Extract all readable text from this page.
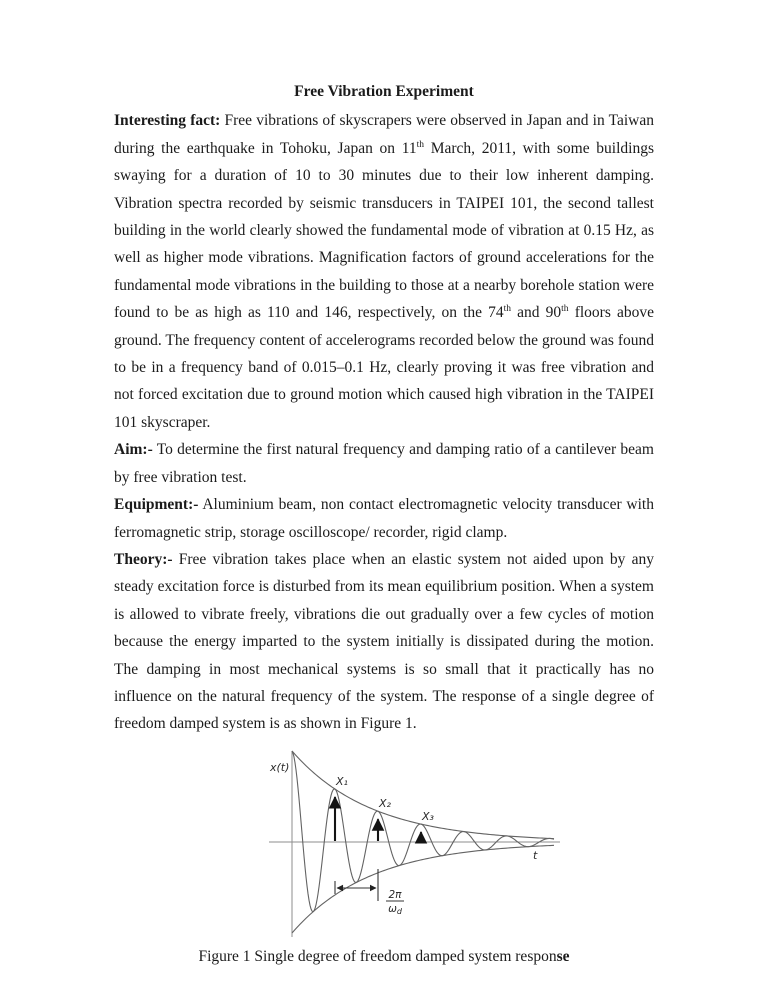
Free Vibration Experiment

Interesting fact: Free vibrations of skyscrapers were observed in Japan and in Taiwan during the earthquake in Tohoku, Japan on 11th March, 2011, with some buildings swaying for a duration of 10 to 30 minutes due to their low inherent damping. Vibration spectra recorded by seismic transducers in TAIPEI 101, the second tallest building in the world clearly showed the fundamental mode of vibration at 0.15 Hz, as well as higher mode vibrations. Magnification factors of ground accelerations for the fundamental mode vibrations in the building to those at a nearby borehole station were found to be as high as 110 and 146, respectively, on the 74th and 90th floors above ground. The frequency content of accelerograms recorded below the ground was found to be in a frequency band of 0.015–0.1 Hz, clearly proving it was free vibration and not forced excitation due to ground motion which caused high vibration in the TAIPEI 101 skyscraper.

Aim:- To determine the first natural frequency and damping ratio of a cantilever beam by free vibration test.

Equipment:- Aluminium beam, non contact electromagnetic velocity transducer with ferromagnetic strip, storage oscilloscope/ recorder, rigid clamp.

Theory:- Free vibration takes place when an elastic system not aided upon by any steady excitation force is disturbed from its mean equilibrium position. When a system is allowed to vibrate freely, vibrations die out gradually over a few cycles of motion because the energy imparted to the system initially is dissipated during the motion. The damping in most mechanical systems is so small that it practically has no influence on the natural frequency of the system. The response of a single degree of freedom damped system is as shown in Figure 1.

X₁
X₂
X₃
x(t)
t
2π
ωd

Figure 1 Single degree of freedom damped system response
